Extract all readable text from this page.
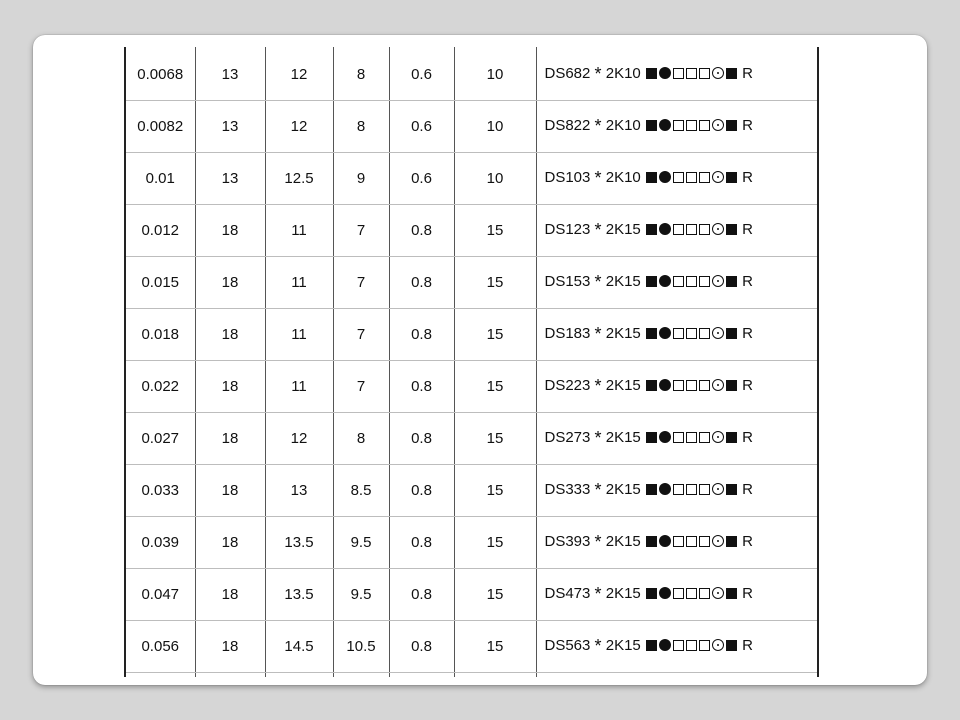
0.0068	13	12	8	0.6	10	DS682 * 2K10 R
0.0082	13	12	8	0.6	10	DS822 * 2K10 R
0.01	13	12.5	9	0.6	10	DS103 * 2K10 R
0.012	18	11	7	0.8	15	DS123 * 2K15 R
0.015	18	11	7	0.8	15	DS153 * 2K15 R
0.018	18	11	7	0.8	15	DS183 * 2K15 R
0.022	18	11	7	0.8	15	DS223 * 2K15 R
0.027	18	12	8	0.8	15	DS273 * 2K15 R
0.033	18	13	8.5	0.8	15	DS333 * 2K15 R
0.039	18	13.5	9.5	0.8	15	DS393 * 2K15 R
0.047	18	13.5	9.5	0.8	15	DS473 * 2K15 R
0.056	18	14.5	10.5	0.8	15	DS563 * 2K15 R
